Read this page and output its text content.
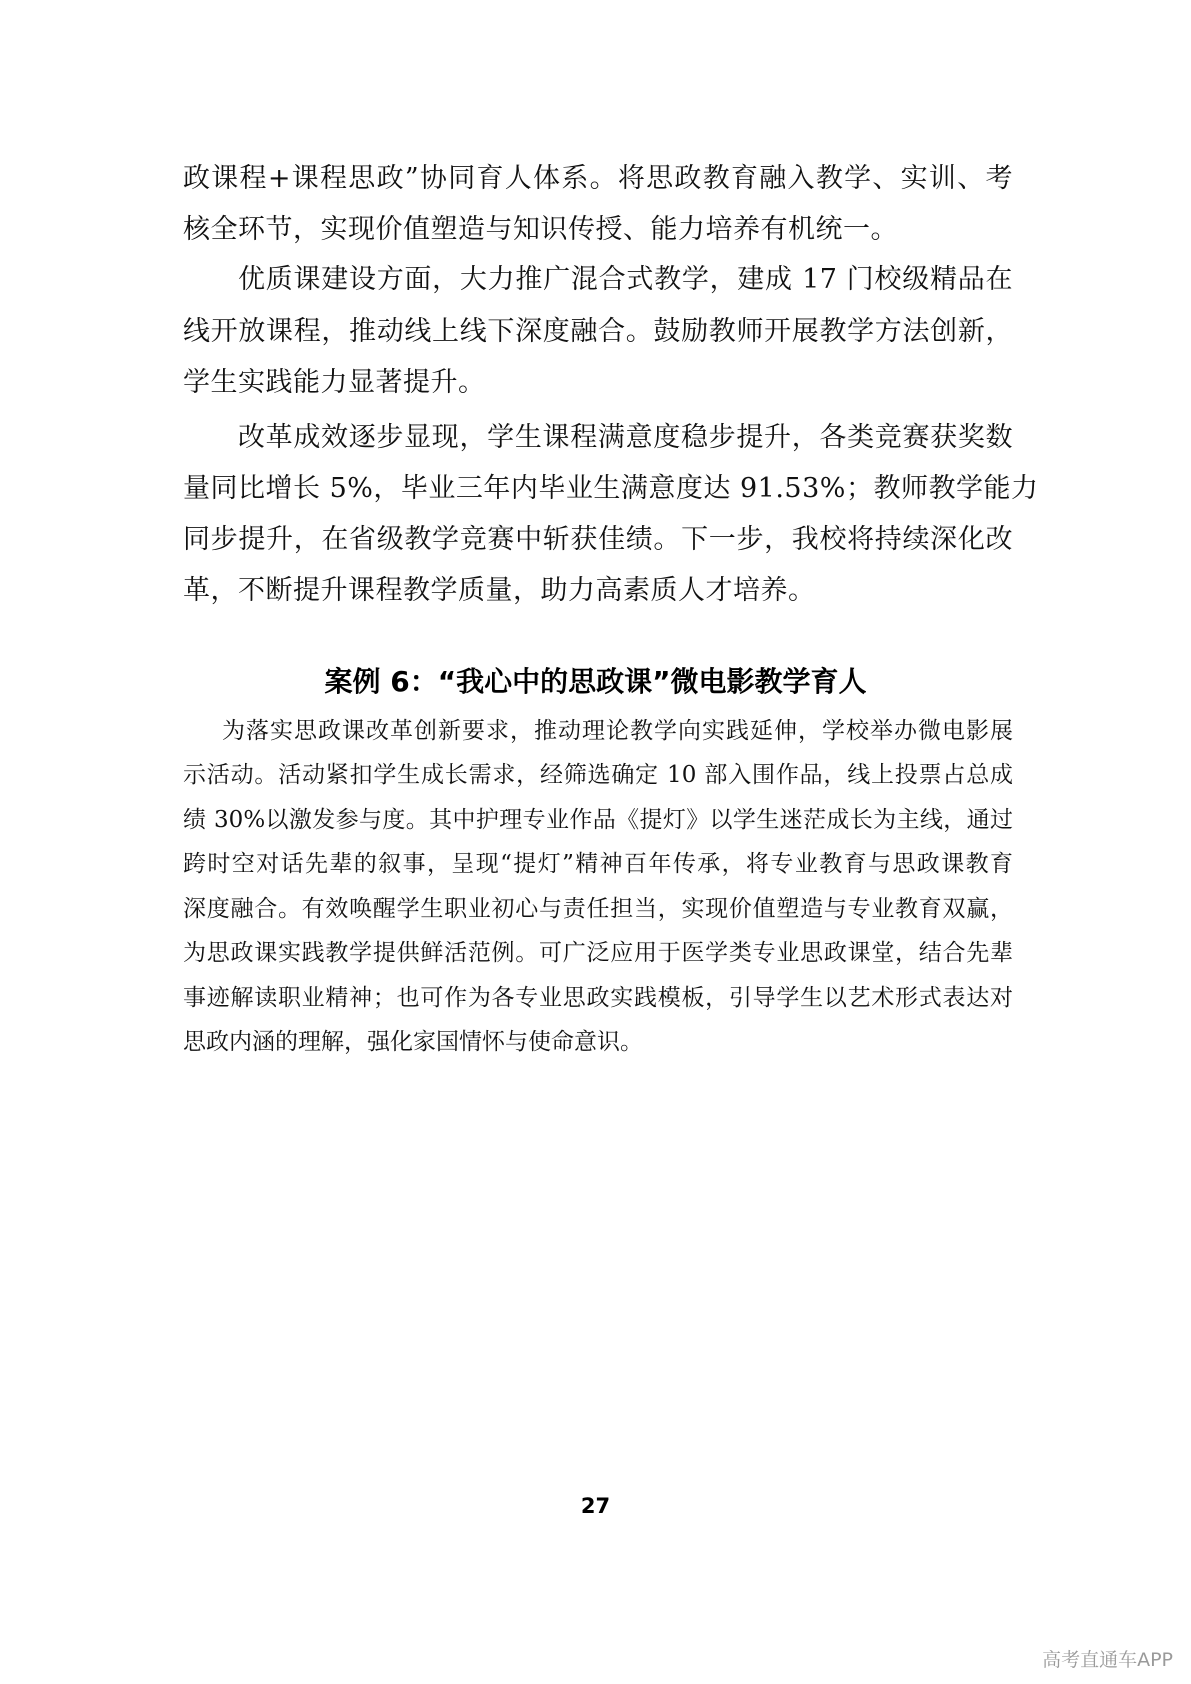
政课程+课程思政”协同育人体系。将思政教育融入教学、实训、考
核全环节，实现价值塑造与知识传授、能力培养有机统一。
优质课建设方面，大力推广混合式教学，建成 17 门校级精品在
线开放课程，推动线上线下深度融合。鼓励教师开展教学方法创新，
学生实践能力显著提升。
改革成效逐步显现，学生课程满意度稳步提升，各类竞赛获奖数
量同比增长 5%，毕业三年内毕业生满意度达 91.53%；教师教学能力
同步提升，在省级教学竞赛中斩获佳绩。下一步，我校将持续深化改
革，不断提升课程教学质量，助力高素质人才培养。
案例 6：“我心中的思政课”微电影教学育人
为落实思政课改革创新要求，推动理论教学向实践延伸，学校举办微电影展
示活动。活动紧扣学生成长需求，经筛选确定 10 部入围作品，线上投票占总成
绩 30%以激发参与度。其中护理专业作品《提灯》以学生迷茫成长为主线，通过
跨时空对话先辈的叙事，呈现“提灯”精神百年传承，将专业教育与思政课教育
深度融合。有效唤醒学生职业初心与责任担当，实现价值塑造与专业教育双赢，
为思政课实践教学提供鲜活范例。可广泛应用于医学类专业思政课堂，结合先辈
事迹解读职业精神；也可作为各专业思政实践模板，引导学生以艺术形式表达对
思政内涵的理解，强化家国情怀与使命意识。
27
高考直通车APP
